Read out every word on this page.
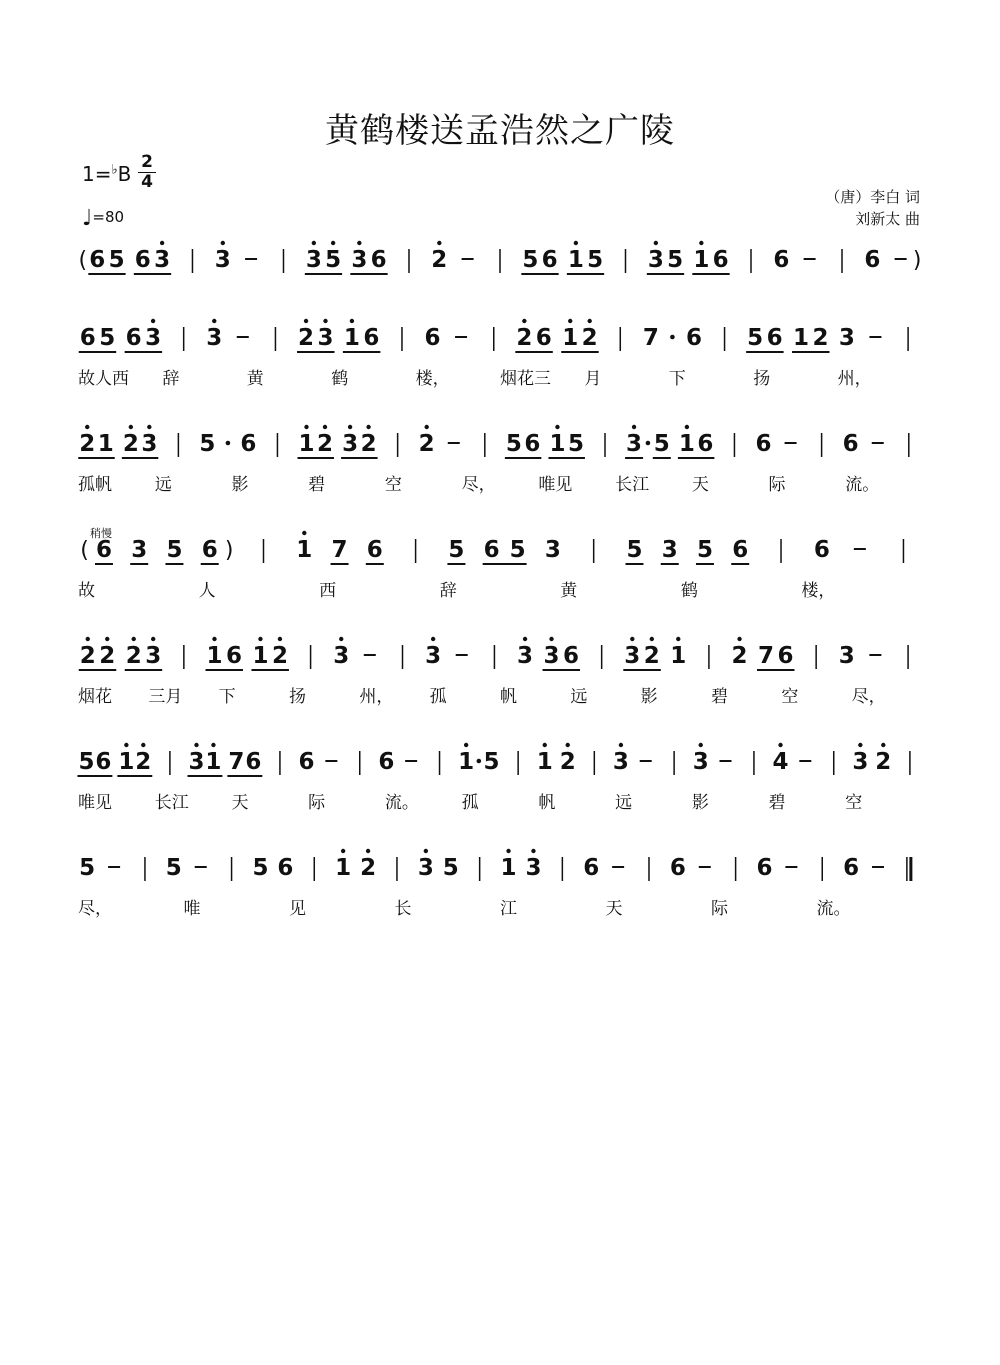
黄鹤楼送孟浩然之广陵
1=♭B 2
4
♩=80
（唐）李白 词
刘新太 曲
稍慢
( 6 5 6 3 3	3 5 3 6 2	5 6 1 5 3 5 1 6 6	6 )
6 5 6 3 3	2 3 1 6 6	2 6 1 2 7 6 5 6 1 2 3
故人西 辞	黄	鹤	楼，	烟花三 月	下	扬	州，
2 1 2 3 5 6 1 2 3 2 2	5 6 1 5 3 5 1 6 6	6
孤帆	远	影	碧	空	尽，	唯见	长江	天	际	流。
( 6 3 5 6 )	1 7 6	5 6 5 3	5 3 5 6	6
故	人	西	辞	黄	鹤	楼，
2 2 2 3 1 6 1 2 3	3	3 3 6 3 2 1 2 7 6 3
烟花 三月 下	扬	州， 孤	帆	远	影	碧	空	尽，
5 6 1 2 3 1 7 6 6	6	1 5 1 2 3	3	4	3 2
唯见	长江	天	际	流。	孤	帆	远	影	碧	空
5	5	5 6 1 2 3 5 1 3 6	6	6	6
尽，	唯	见	长	江	天	际	流。
